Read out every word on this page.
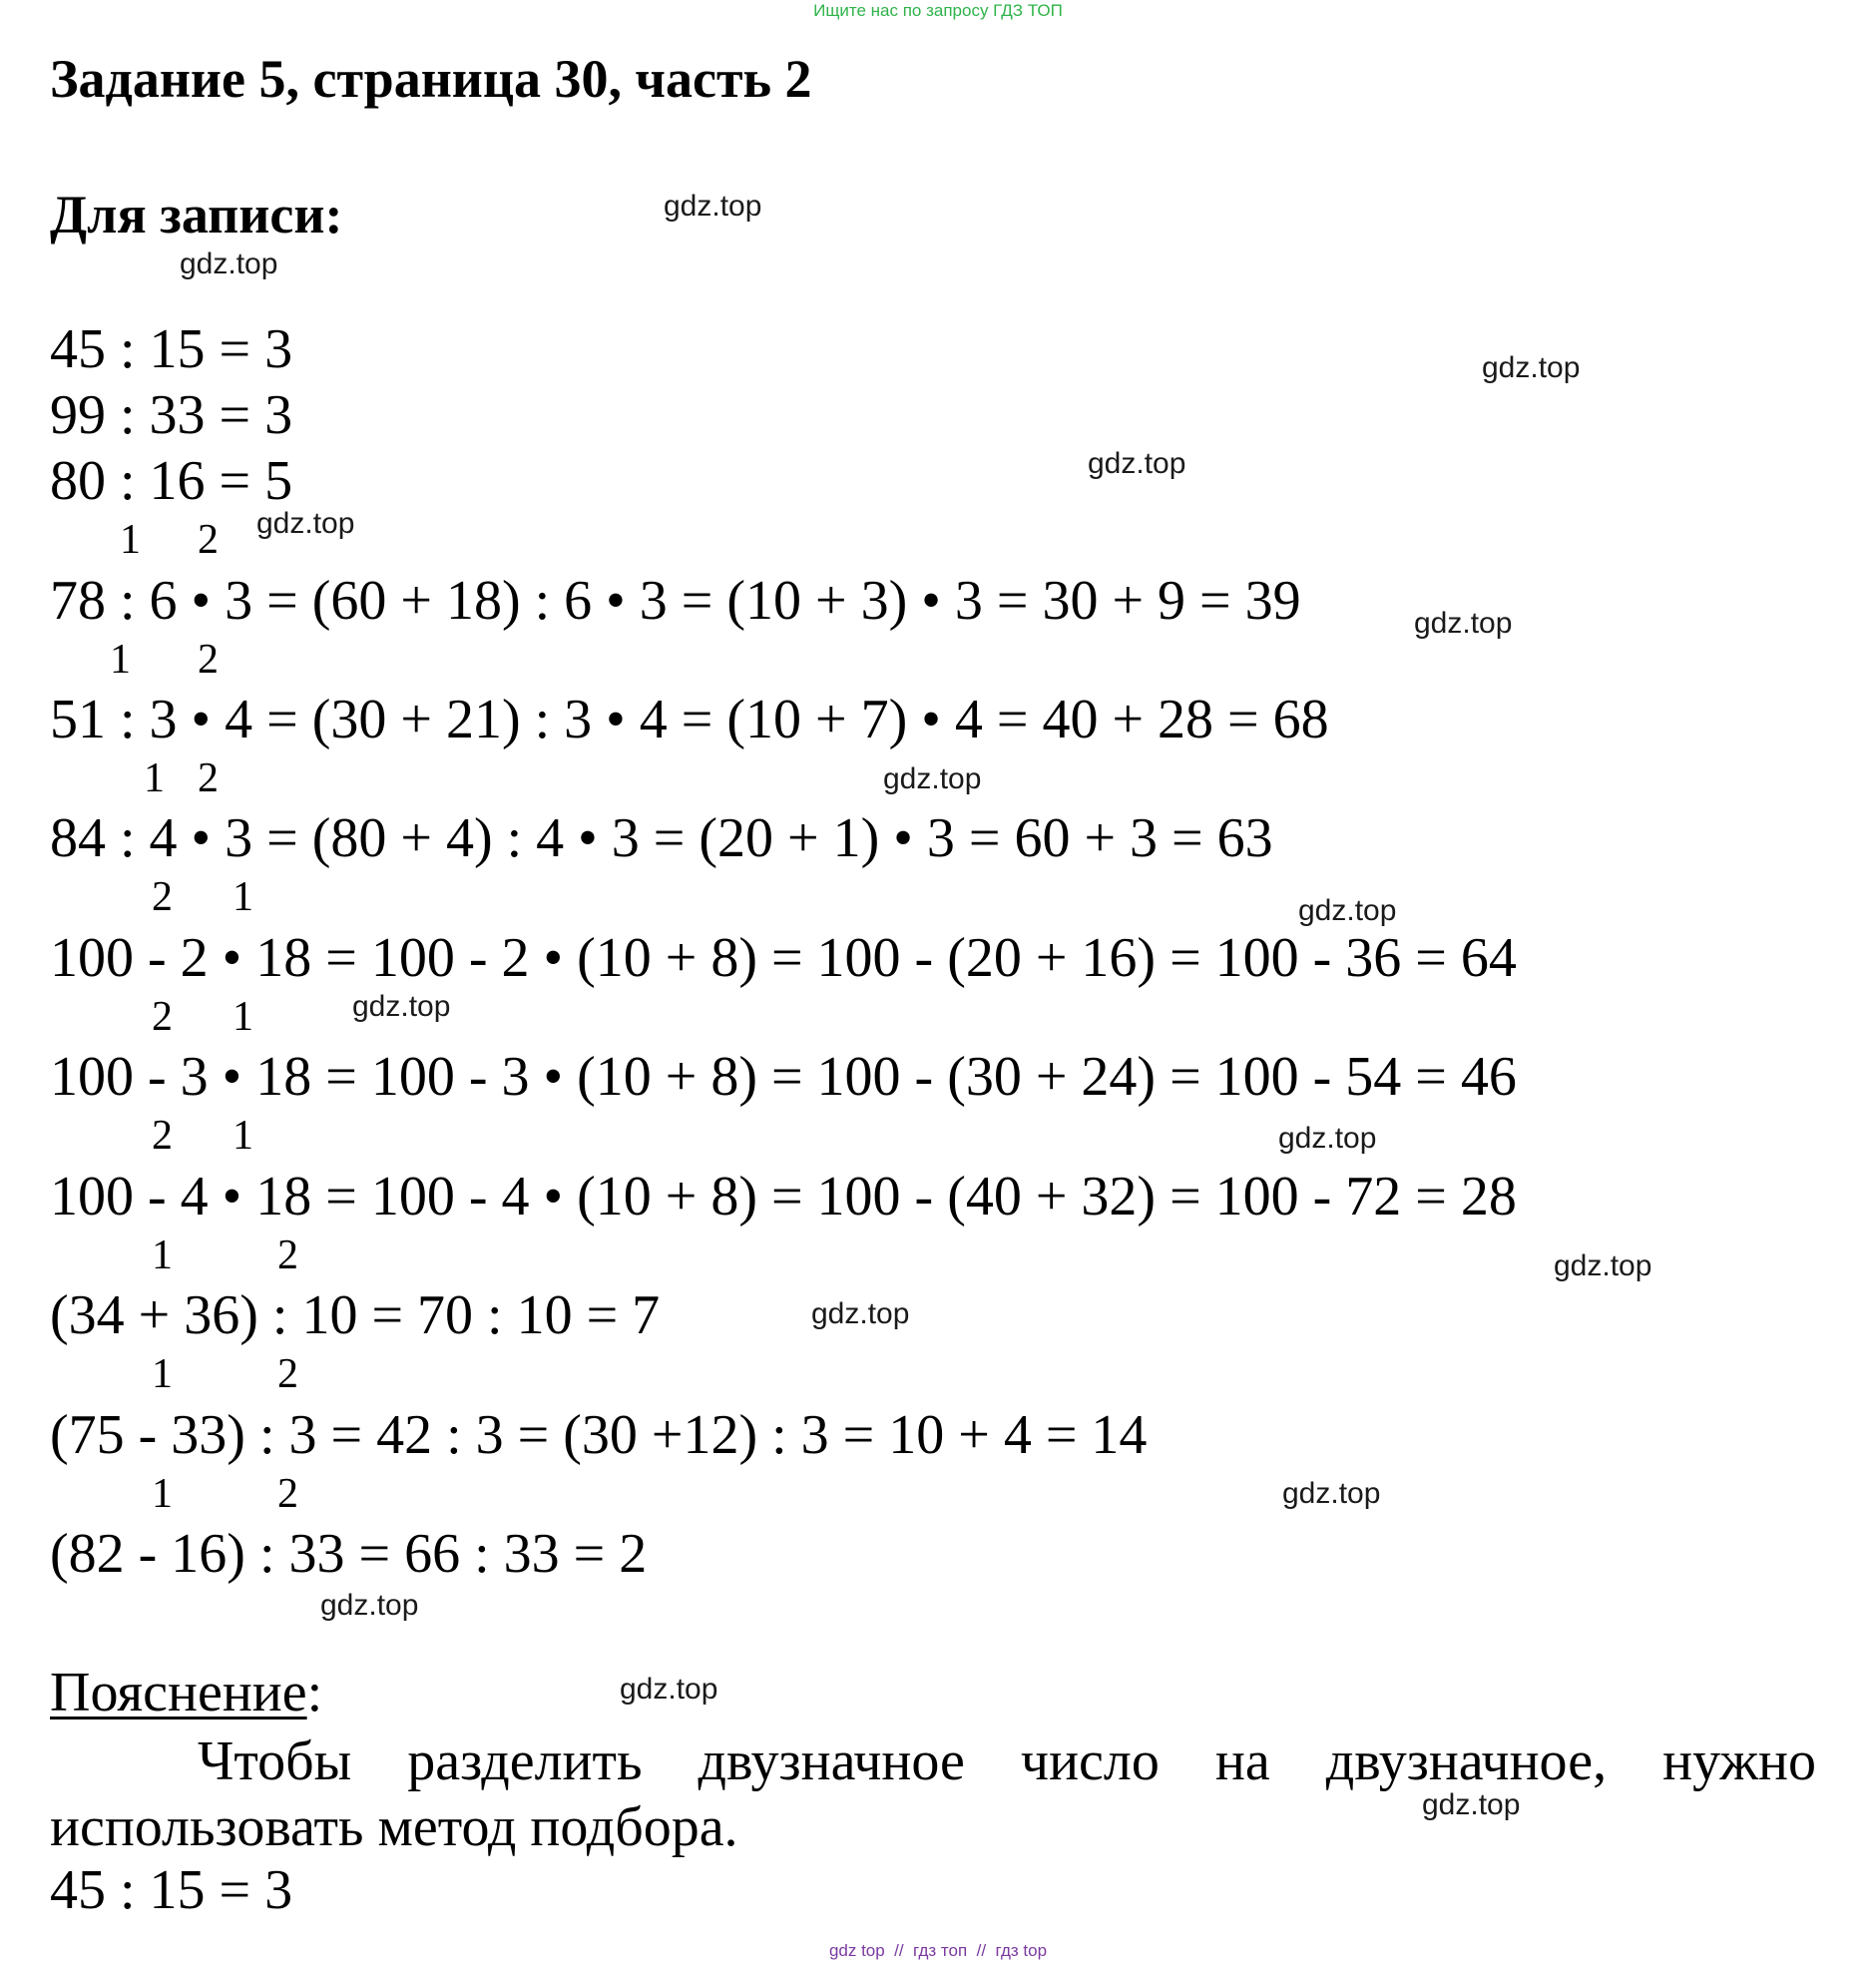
Ищите нас по запросу ГДЗ ТОП
Задание 5, страница 30, часть 2
Для записи:
45 : 15 = 3
99 : 33 = 3
80 : 16 = 5
1 2
78 : 6 • 3 = (60 + 18) : 6 • 3 = (10 + 3) • 3 = 30 + 9 = 39
1 2
51 : 3 • 4 = (30 + 21) : 3 • 4 = (10 + 7) • 4 = 40 + 28 = 68
1 2
84 : 4 • 3 = (80 + 4) : 4 • 3 = (20 + 1) • 3 = 60 + 3 = 63
2 1
100 - 2 • 18 = 100 - 2 • (10 + 8) = 100 - (20 + 16) = 100 - 36 = 64
2 1
100 - 3 • 18 = 100 - 3 • (10 + 8) = 100 - (30 + 24) = 100 - 54 = 46
2 1
100 - 4 • 18 = 100 - 4 • (10 + 8) = 100 - (40 + 32) = 100 - 72 = 28
1	2
(34 + 36) : 10 = 70 : 10 = 7
1	2
(75 - 33) : 3 = 42 : 3 = (30 +12) : 3 = 10 + 4 = 14
1	2
(82 - 16) : 33 = 66 : 33 = 2
Пояснение:
Чтобы разделить двузначное число на двузначное, нужно использовать метод подбора.
45 : 15 = 3
gdz.top
gdz.top
gdz.top
gdz.top
gdz.top
gdz.top
gdz.top
gdz.top
gdz.top
gdz.top
gdz.top
gdz.top
gdz.top
gdz.top
gdz.top
gdz.top
gdz top  //  гдз топ  //  гдз top
